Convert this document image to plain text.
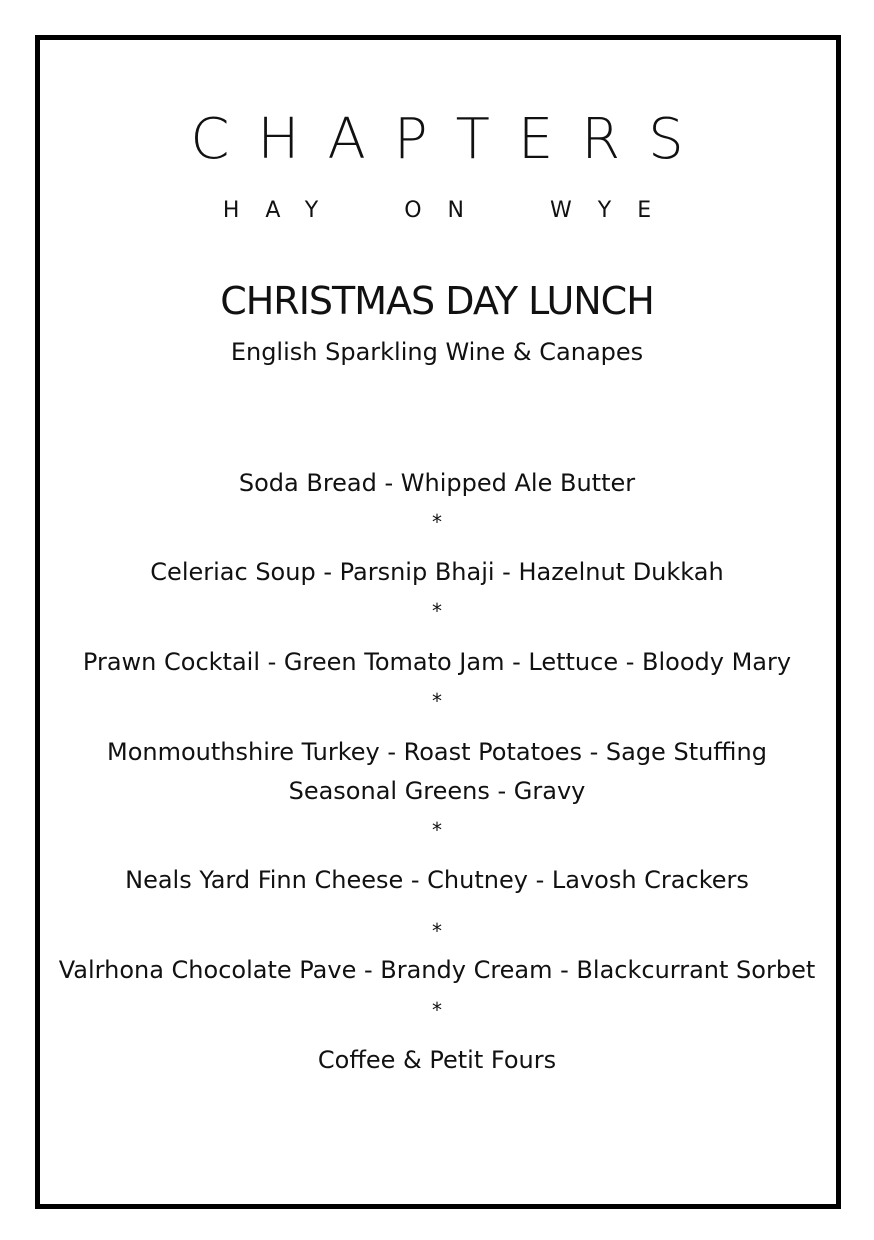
CHAPTERS
HAY	ON	WYE
CHRISTMAS DAY LUNCH
English Sparkling Wine & Canapes
Soda Bread - Whipped Ale Butter
*
Celeriac Soup - Parsnip Bhaji - Hazelnut Dukkah
*
Prawn Cocktail - Green Tomato Jam - Lettuce - Bloody Mary
*
Monmouthshire Turkey - Roast Potatoes - Sage Stuffing
Seasonal Greens - Gravy
*
Neals Yard Finn Cheese - Chutney - Lavosh Crackers
*
Valrhona Chocolate Pave - Brandy Cream - Blackcurrant Sorbet
*
Coffee & Petit Fours
